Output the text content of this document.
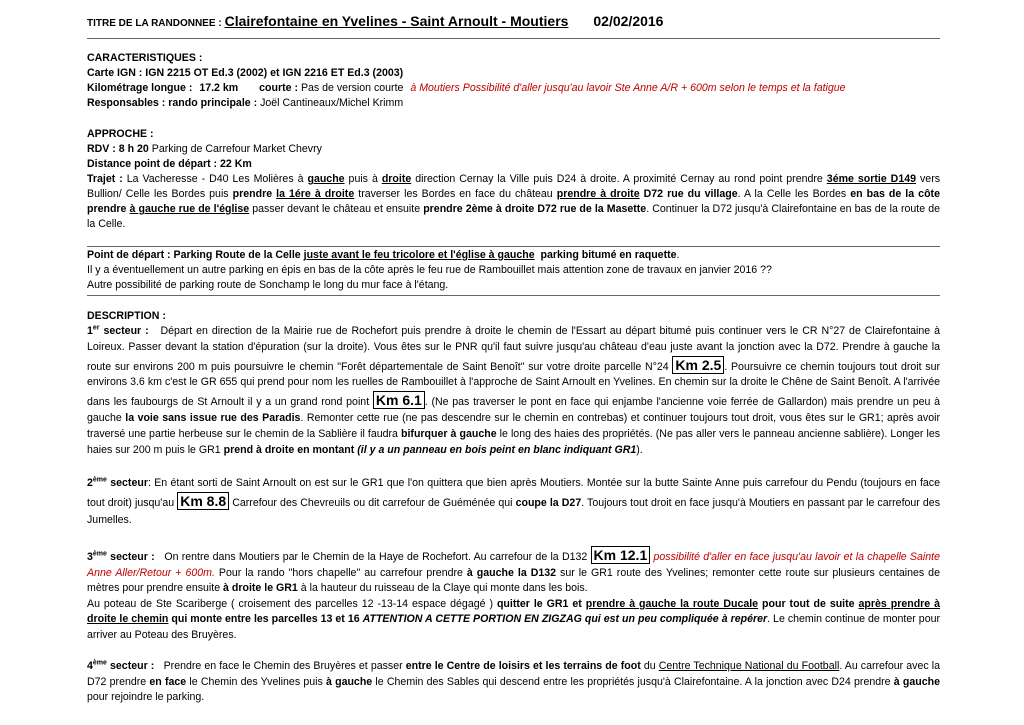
TITRE DE LA RANDONNEE : Clairefontaine en Yvelines - Saint Arnoult - Moutiers 02/02/2016
CARACTERISTIQUES :
Carte IGN : IGN 2215 OT Ed.3 (2002) et IGN 2216 ET Ed.3 (2003)
Kilométrage longue : 17.2 km courte : Pas de version courte à Moutiers Possibilité d'aller jusqu'au lavoir Ste Anne A/R + 600m selon le temps et la fatigue
Responsables : rando principale : Joël Cantineaux/Michel Krimm
APPROCHE :
RDV : 8 h 20 Parking de Carrefour Market Chevry
Distance point de départ : 22 Km
Trajet : La Vacheresse - D40 Les Molières à gauche puis à droite direction Cernay la Ville puis D24 à droite. A proximité Cernay au rond point prendre 3éme sortie D149 vers Bullion/ Celle les Bordes puis prendre la 1ére à droite traverser les Bordes en face du château prendre à droite D72 rue du village. A la Celle les Bordes en bas de la côte prendre à gauche rue de l'église passer devant le château et ensuite prendre 2ème à droite D72 rue de la Masette. Continuer la D72 jusqu'à Clairefontaine en bas de la route de la Celle.
Point de départ : Parking Route de la Celle juste avant le feu tricolore et l'église à gauche parking bitumé en raquette.
Il y a éventuellement un autre parking en épis en bas de la côte après le feu rue de Rambouillet mais attention zone de travaux en janvier 2016 ??
Autre possibilité de parking route de Sonchamp le long du mur face à l'étang.
DESCRIPTION :
1er secteur : Départ en direction de la Mairie rue de Rochefort puis prendre à droite le chemin de l'Essart au départ bitumé puis continuer vers le CR N°27 de Clairefontaine à Loireux. Passer devant la station d'épuration (sur la droite). Vous êtes sur le PNR qu'il faut suivre jusqu'au château d'eau juste avant la jonction avec la D72. Prendre à gauche la route sur environs 200 m puis poursuivre le chemin "Forêt départementale de Saint Benoît" sur votre droite parcelle N°24 Km 2.5 . Poursuivre ce chemin toujours tout droit sur environs 3.6 km c'est le GR 655 qui prend pour nom les ruelles de Rambouillet à l'approche de Saint Arnoult en Yvelines. En chemin sur la droite le Chêne de Saint Benoît. A l'arrivée dans les faubourgs de St Arnoult il y a un grand rond point Km 6.1 . (Ne pas traverser le pont en face qui enjambe l'ancienne voie ferrée de Gallardon) mais prendre un peu à gauche la voie sans issue rue des Paradis. Remonter cette rue (ne pas descendre sur le chemin en contrebas) et continuer toujours tout droit, vous êtes sur le GR1; après avoir traversé une partie herbeuse sur le chemin de la Sablière il faudra bifurquer à gauche le long des haies des propriétés. (Ne pas aller vers le panneau ancienne sablière). Longer les haies sur 200 m puis le GR1 prend à droite en montant (il y a un panneau en bois peint en blanc indiquant GR1).
2ème secteur: En étant sorti de Saint Arnoult on est sur le GR1 que l'on quittera que bien après Moutiers. Montée sur la butte Sainte Anne puis carrefour du Pendu (toujours en face tout droit) jusqu'au Km 8.8 Carrefour des Chevreuils ou dit carrefour de Guéménée qui coupe la D27. Toujours tout droit en face jusqu'à Moutiers en passant par le carrefour des Jumelles.
3ème secteur : On rentre dans Moutiers par le Chemin de la Haye de Rochefort. Au carrefour de la D132 Km 12.1 possibilité d'aller en face jusqu'au lavoir et la chapelle Sainte Anne Aller/Retour + 600m. Pour la rando "hors chapelle" au carrefour prendre à gauche la D132 sur le GR1 route des Yvelines; remonter cette route sur plusieurs centaines de mètres pour prendre ensuite à droite le GR1 à la hauteur du ruisseau de la Claye qui monte dans les bois.
Au poteau de Ste Scariberge ( croisement des parcelles 12 -13-14 espace dégagé ) quitter le GR1 et prendre à gauche la route Ducale pour tout de suite après prendre à droite le chemin qui monte entre les parcelles 13 et 16 ATTENTION A CETTE PORTION EN ZIGZAG qui est un peu compliquée à repérer. Le chemin continue de monter pour arriver au Poteau des Bruyères.
4ème secteur : Prendre en face le Chemin des Bruyères et passer entre le Centre de loisirs et les terrains de foot du Centre Technique National du Football. Au carrefour avec la D72 prendre en face le Chemin des Yvelines puis à gauche le Chemin des Sables qui descend entre les propriétés jusqu'à Clairefontaine. A la jonction avec D24 prendre à gauche pour rejoindre le parking.
